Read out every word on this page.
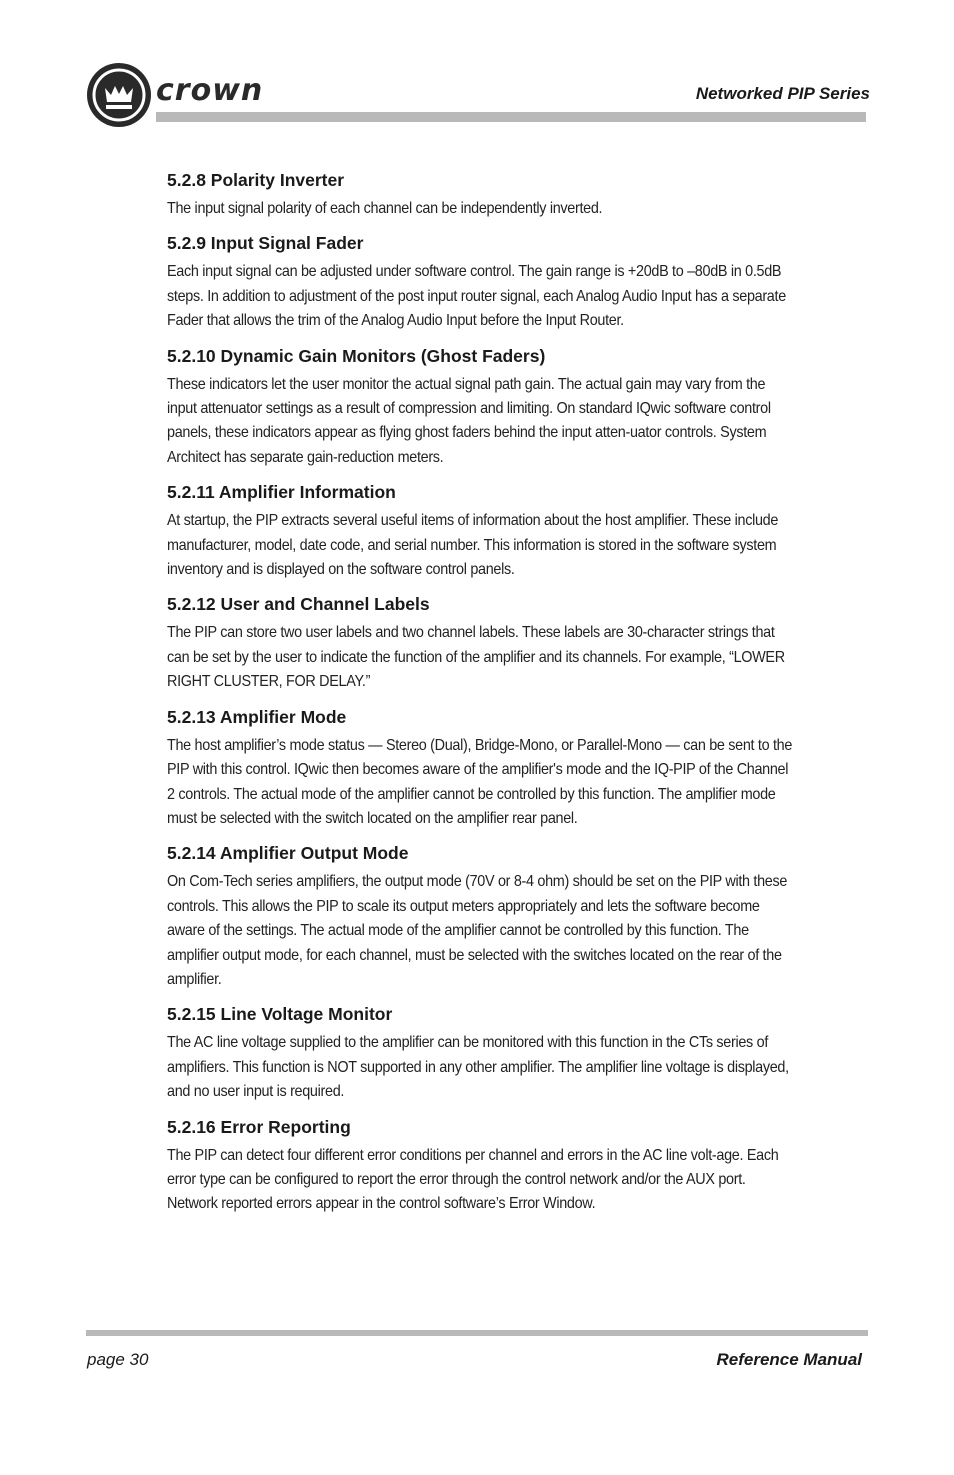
crown	Networked PIP Series
5.2.8 Polarity Inverter

The input signal polarity of each channel can be independently inverted.

5.2.9 Input Signal Fader

Each input signal can be adjusted under software control. The gain range is +20dB to –80dB in 0.5dB steps. In addition to adjustment of the post input router signal, each Analog Audio Input has a separate Fader that allows the trim of the Analog Audio Input before the Input Router.

5.2.10 Dynamic Gain Monitors (Ghost Faders)

These indicators let the user monitor the actual signal path gain. The actual gain may vary from the input attenuator settings as a result of compression and limiting. On standard IQwic software control panels, these indicators appear as flying ghost faders behind the input atten-uator controls. System Architect has separate gain-reduction meters.

5.2.11 Amplifier Information

At startup, the PIP extracts several useful items of information about the host amplifier. These include manufacturer, model, date code, and serial number. This information is stored in the software system inventory and is displayed on the software control panels.

5.2.12 User and Channel Labels

The PIP can store two user labels and two channel labels. These labels are 30-character strings that can be set by the user to indicate the function of the amplifier and its channels. For example, “LOWER RIGHT CLUSTER, FOR DELAY.”

5.2.13 Amplifier Mode

The host amplifier’s mode status — Stereo (Dual), Bridge-Mono, or Parallel-Mono — can be sent to the PIP with this control. IQwic then becomes aware of the amplifier's mode and the IQ-PIP of the Channel 2 controls. The actual mode of the amplifier cannot be controlled by this function. The amplifier mode must be selected with the switch located on the amplifier rear panel.

5.2.14 Amplifier Output Mode

On Com-Tech series amplifiers, the output mode (70V or 8-4 ohm) should be set on the PIP with these controls. This allows the PIP to scale its output meters appropriately and lets the software become aware of the settings. The actual mode of the amplifier cannot be controlled by this function. The amplifier output mode, for each channel, must be selected with the switches located on the rear of the amplifier.

5.2.15 Line Voltage Monitor

The AC line voltage supplied to the amplifier can be monitored with this function in the CTs series of amplifiers. This function is NOT supported in any other amplifier. The amplifier line voltage is displayed, and no user input is required.

5.2.16 Error Reporting

The PIP can detect four different error conditions per channel and errors in the AC line volt-age. Each error type can be configured to report the error through the control network and/or the AUX port. Network reported errors appear in the control software’s Error Window.

page 30	Reference Manual
